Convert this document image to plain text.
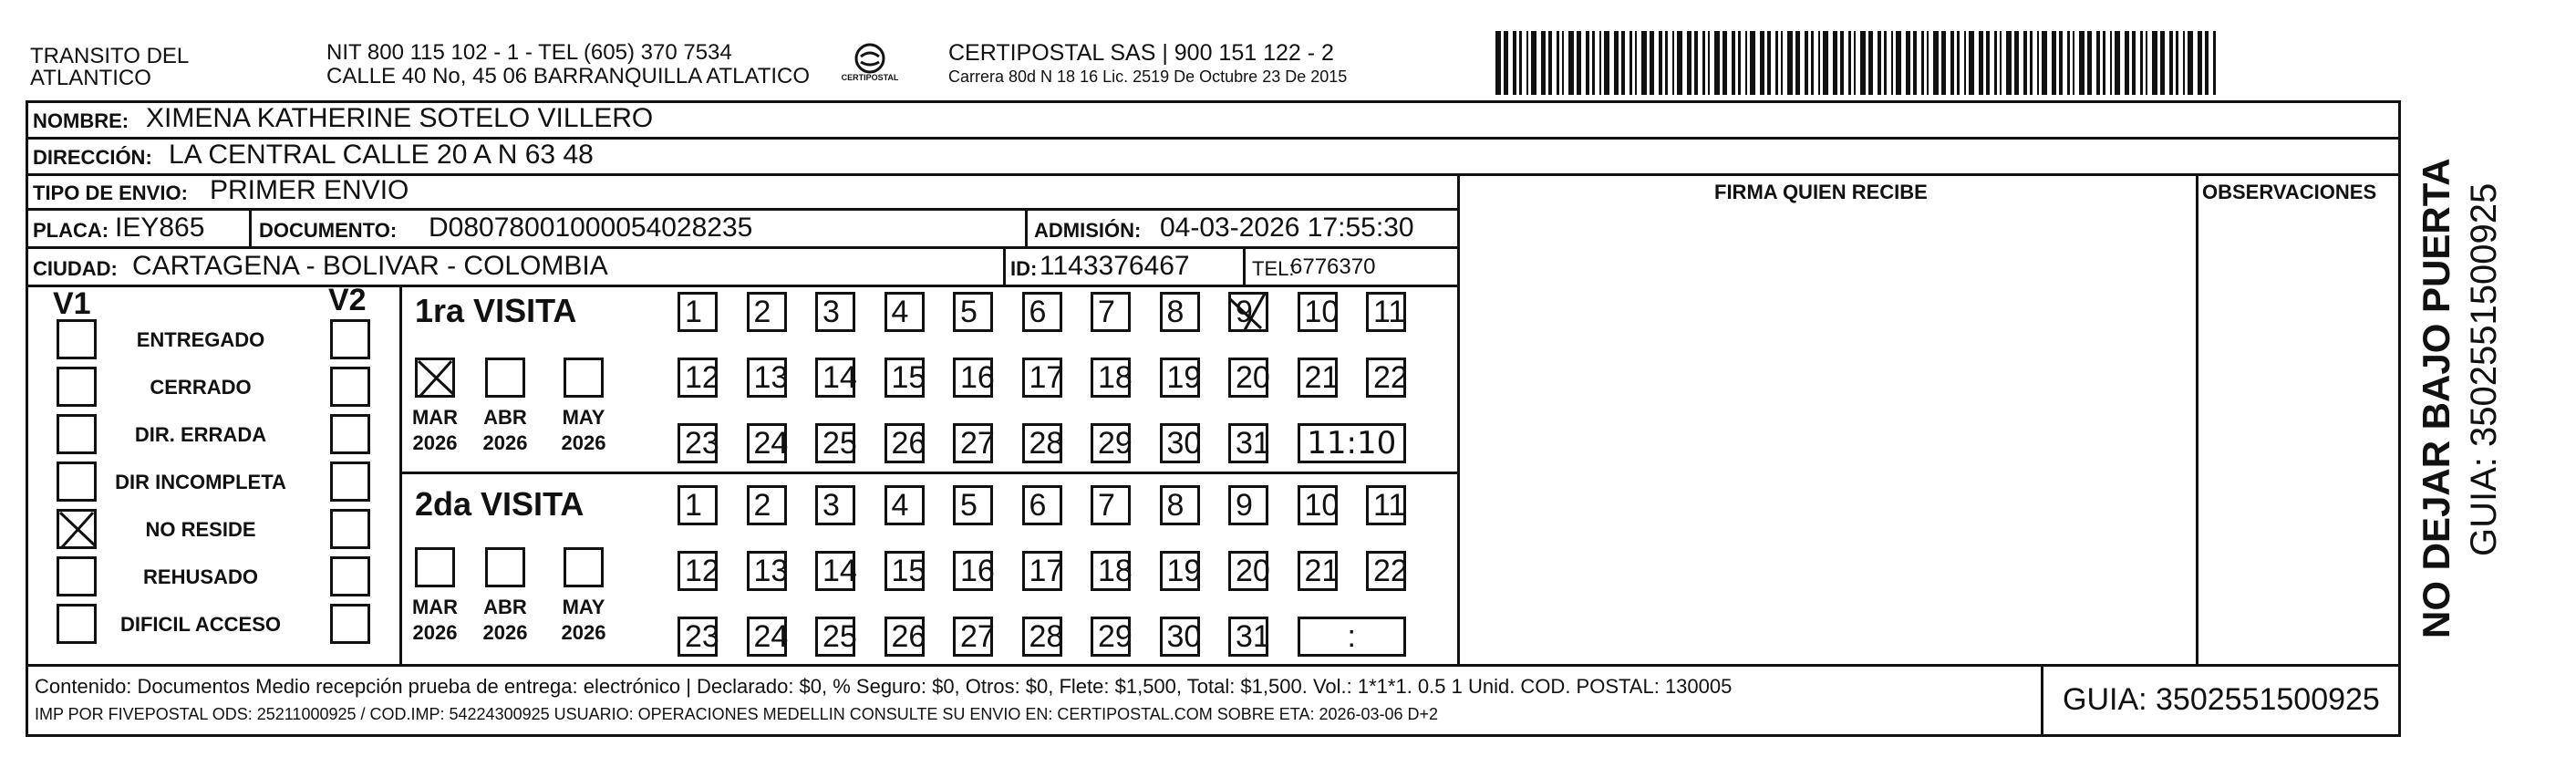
TRANSITO DEL
ATLANTICO
NIT 800 115 102 - 1 - TEL (605) 370 7534
CALLE 40 No, 45 06 BARRANQUILLA ATLATICO	CERTIPOSTAL
CERTIPOSTAL SAS | 900 151 122 - 2
Carrera 80d N 18 16 Lic. 2519 De Octubre 23 De 2015
NOMBRE: XIMENA KATHERINE SOTELO VILLERO
DIRECCIÓN: LA CENTRAL CALLE 20 A N 63 48
TIPO DE ENVIO: PRIMER ENVIO	FIRMA QUIEN RECIBE	OBSERVACIONES
PLACA: IEY865	DOCUMENTO: D08078001000054028235	ADMISIÓN: 04-03-2026 17:55:30
CIUDAD: CARTAGENA - BOLIVAR - COLOMBIA	ID: 1143376467	TEL:
6776370
V1	V2
ENTREGADO
CERRADO
DIR. ERRADA
DIR INCOMPLETA
NO RESIDE
REHUSADO
DIFICIL ACCESO
1ra VISITA
MAR
2026
ABR
2026
MAY
2026
1	2	3	4	5	6	7	8	9	10 11
12 13 14 15 16 17 18 19 20 21 22
23 24 25 26 27 28 29 30 31	11:10
2da VISITA
MAR
2026
ABR
2026
MAY
2026
1	2	3	4	5	6	7	8	9	10 11
12 13 14 15 16 17 18 19 20 21 22
23 24 25 26 27 28 29 30 31	:
Contenido: Documentos Medio recepción prueba de entrega: electrónico | Declarado: $0, % Seguro: $0, Otros: $0, Flete: $1,500, Total: $1,500. Vol.: 1*1*1. 0.5 1 Unid. COD. POSTAL: 130005
IMP POR FIVEPOSTAL ODS: 25211000925 / COD.IMP: 54224300925 USUARIO: OPERACIONES MEDELLIN CONSULTE SU ENVIO EN: CERTIPOSTAL.COM SOBRE ETA: 2026-03-06 D+2	GUIA: 3502551500925
NO DEJAR BAJO PUERTA GUIA: 3502551500925
